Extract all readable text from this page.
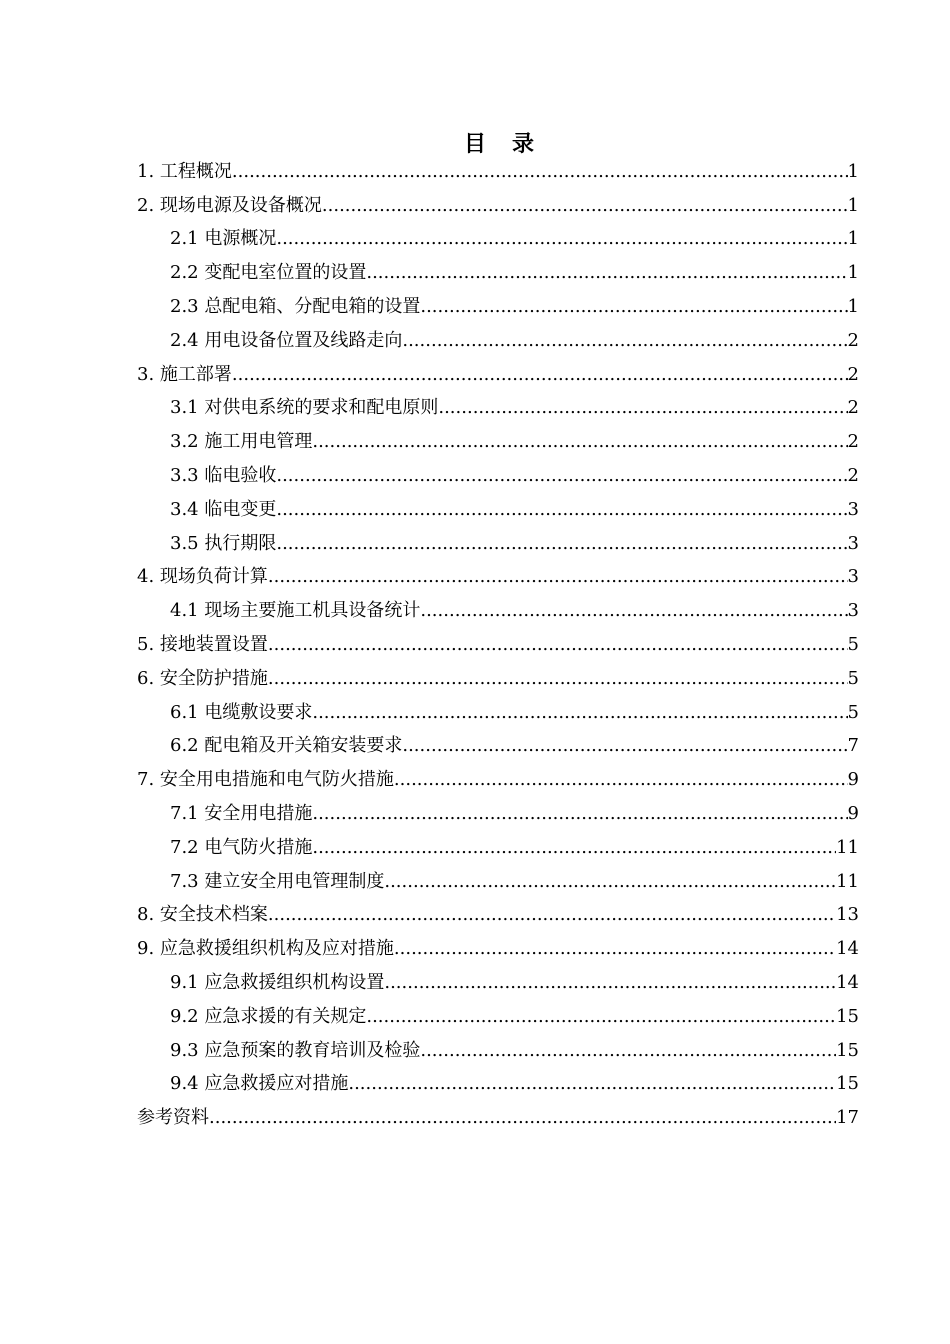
目 录
1. 工程概况 .....	1
2. 现场电源及设备概况 .....	1
2.1 电源概况 .....	1
2.2 变配电室位置的设置 .....	1
2.3 总配电箱、分配电箱的设置 .....	1
2.4 用电设备位置及线路走向 .....	2
3. 施工部署 .....	2
3.1 对供电系统的要求和配电原则 .....	2
3.2 施工用电管理 .....	2
3.3 临电验收 .....	2
3.4 临电变更 .....	3
3.5 执行期限 .....	3
4. 现场负荷计算 .....	3
4.1 现场主要施工机具设备统计 .....	3
5. 接地装置设置 .....	5
6. 安全防护措施 .....	5
6.1 电缆敷设要求 .....	5
6.2 配电箱及开关箱安装要求 .....	7
7. 安全用电措施和电气防火措施 .....	9
7.1 安全用电措施 .....	9
7.2 电气防火措施 .....	11
7.3 建立安全用电管理制度 .....	11
8. 安全技术档案 .....	13
9. 应急救援组织机构及应对措施 .....	14
9.1 应急救援组织机构设置 .....	14
9.2 应急求援的有关规定 .....	15
9.3 应急预案的教育培训及检验 .....	15
9.4 应急救援应对措施 .....	15
参考资料 .....	17
